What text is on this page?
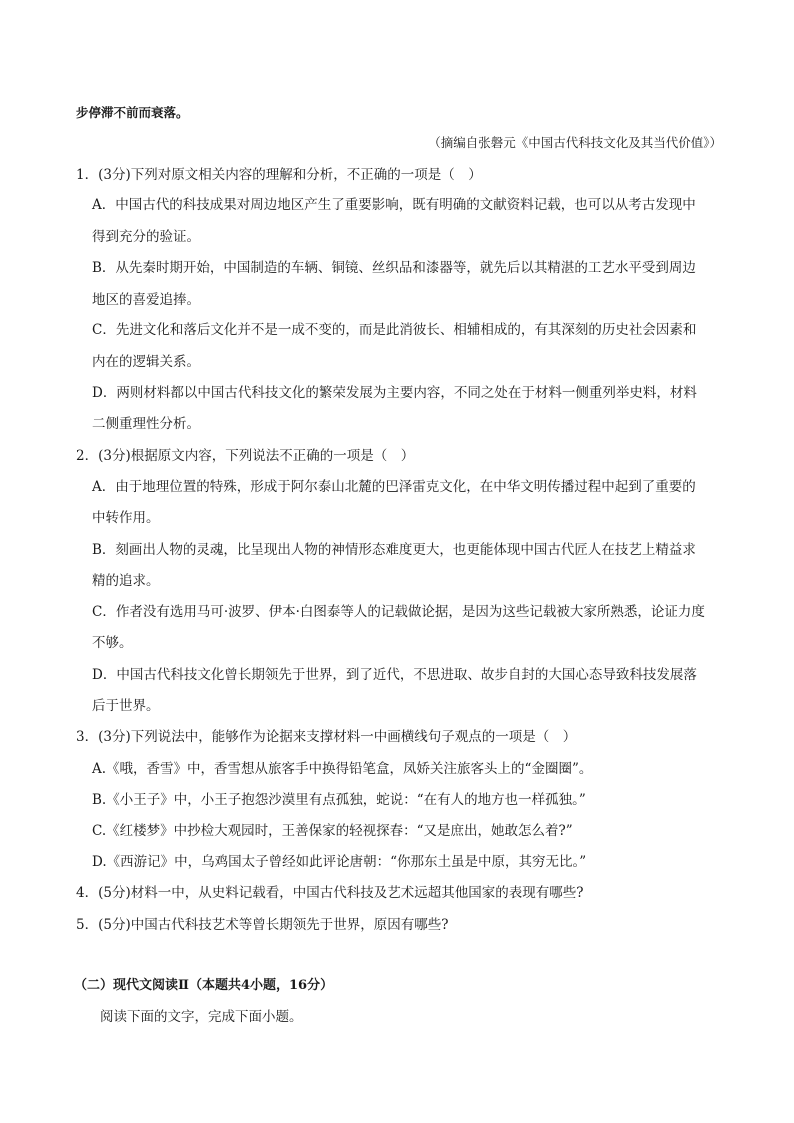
步停滞不前而衰落。
（摘编自张磐元《中国古代科技文化及其当代价值》）
1．(3分)下列对原文相关内容的理解和分析，不正确的一项是（　）
A．中国古代的科技成果对周边地区产生了重要影响，既有明确的文献资料记载，也可以从考古发现中
得到充分的验证。
B．从先秦时期开始，中国制造的车辆、铜镜、丝织品和漆器等，就先后以其精湛的工艺水平受到周边
地区的喜爱追捧。
C．先进文化和落后文化并不是一成不变的，而是此消彼长、相辅相成的，有其深刻的历史社会因素和
内在的逻辑关系。
D．两则材料都以中国古代科技文化的繁荣发展为主要内容，不同之处在于材料一侧重列举史料，材料
二侧重理性分析。
2．(3分)根据原文内容，下列说法不正确的一项是（　）
A．由于地理位置的特殊，形成于阿尔泰山北麓的巴泽雷克文化，在中华文明传播过程中起到了重要的
中转作用。
B．刻画出人物的灵魂，比呈现出人物的神情形态难度更大，也更能体现中国古代匠人在技艺上精益求
精的追求。
C．作者没有选用马可·波罗、伊本·白图泰等人的记载做论据，是因为这些记载被大家所熟悉，论证力度
不够。
D．中国古代科技文化曾长期领先于世界，到了近代，不思进取、故步自封的大国心态导致科技发展落
后于世界。
3．(3分)下列说法中，能够作为论据来支撑材料一中画横线句子观点的一项是（　）
A.《哦，香雪》中，香雪想从旅客手中换得铅笔盒，凤娇关注旅客头上的“金圈圈”。
B.《小王子》中，小王子抱怨沙漠里有点孤独，蛇说：“在有人的地方也一样孤独。”
C.《红楼梦》中抄检大观园时，王善保家的轻视探春：“又是庶出，她敢怎么着?”
D.《西游记》中，乌鸡国太子曾经如此评论唐朝：“你那东土虽是中原，其穷无比。”
4．(5分)材料一中，从史料记载看，中国古代科技及艺术远超其他国家的表现有哪些?
5．(5分)中国古代科技艺术等曾长期领先于世界，原因有哪些?
（二）现代文阅读Ⅱ（本题共4小题，16分）
阅读下面的文字，完成下面小题。
